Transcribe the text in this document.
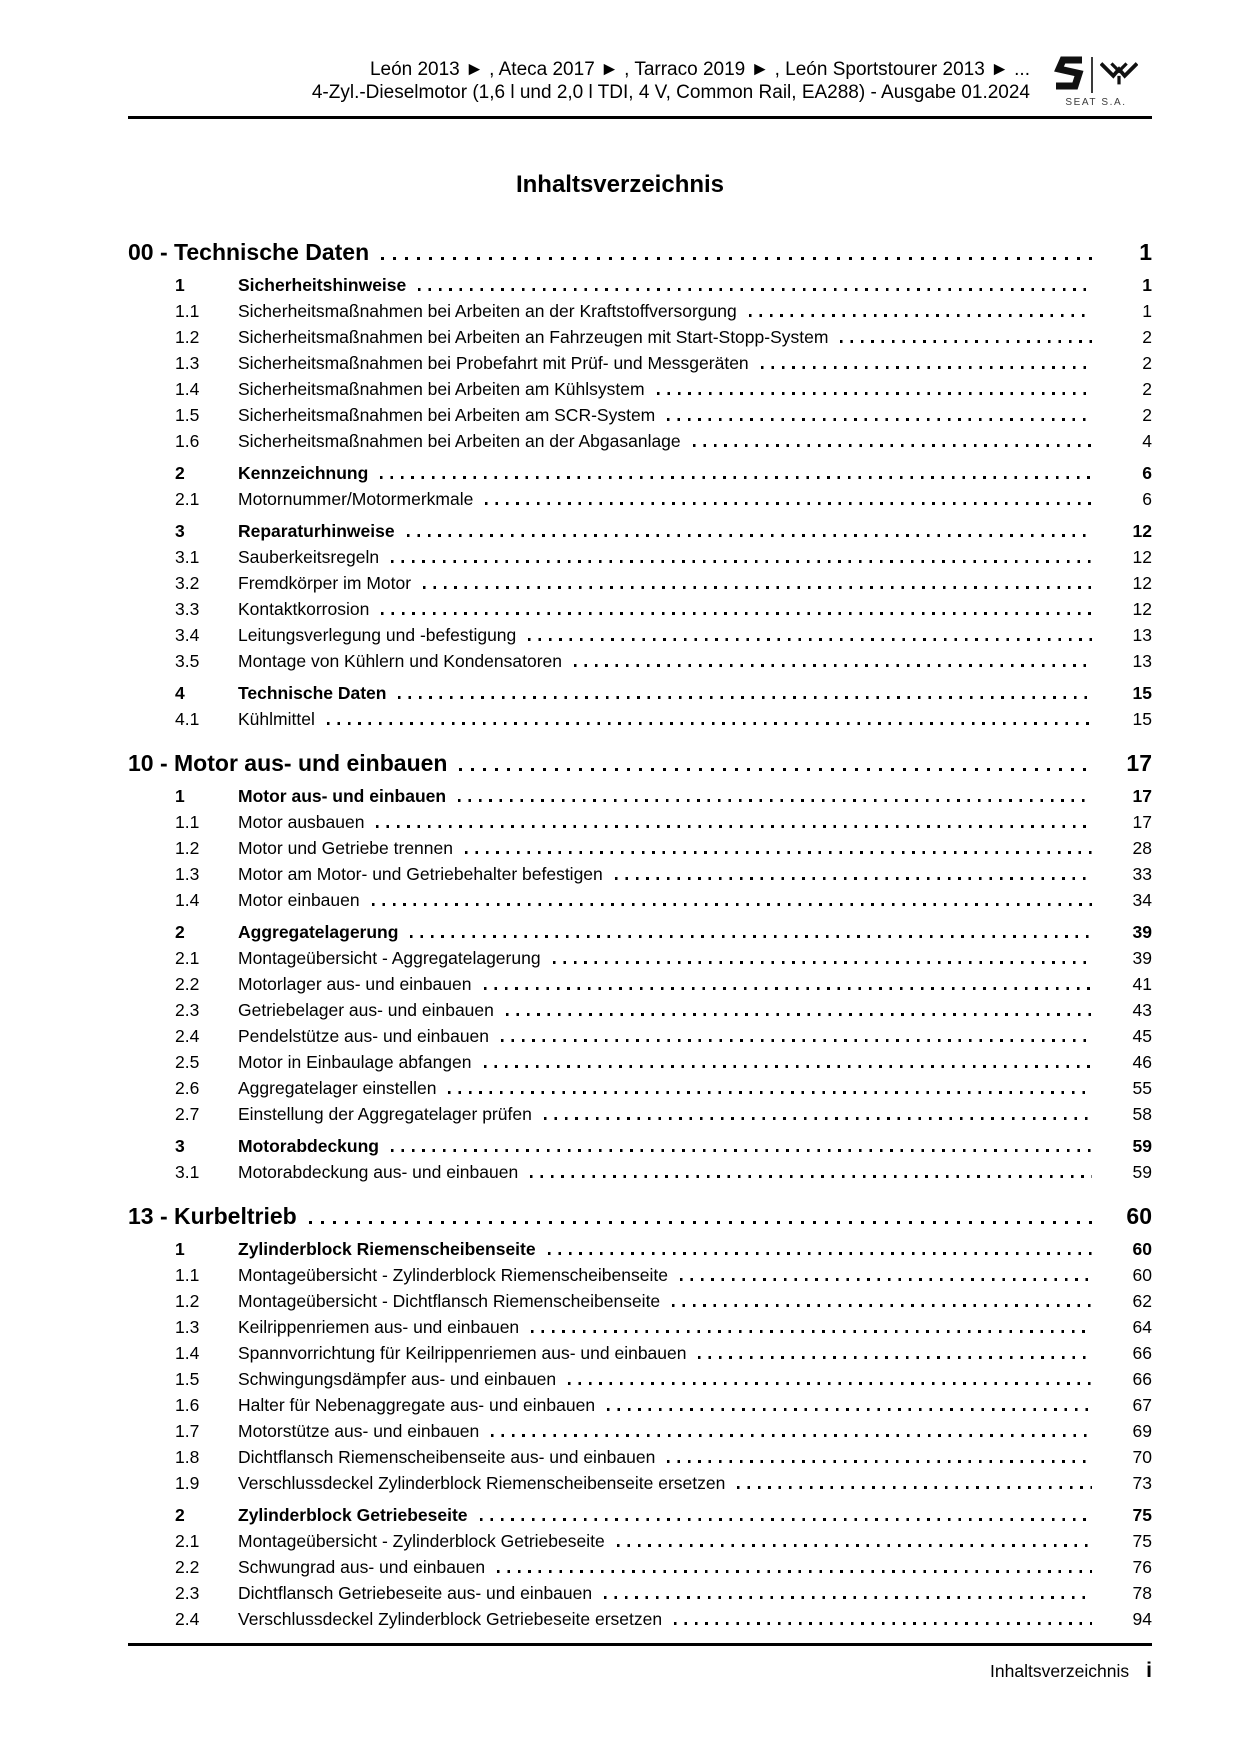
León 2013 ► , Ateca 2017 ► , Tarraco 2019 ► , León Sportstourer 2013 ► ...
4-Zyl.-Dieselmotor (1,6 l und 2,0 l TDI, 4 V, Common Rail, EA288) - Ausgabe 01.2024	SEAT S.A.
Inhaltsverzeichnis
00 - Technische Daten	1
1	Sicherheitshinweise	1
1.1	Sicherheitsmaßnahmen bei Arbeiten an der Kraftstoffversorgung	1
1.2	Sicherheitsmaßnahmen bei Arbeiten an Fahrzeugen mit Start-Stopp-System	2
1.3	Sicherheitsmaßnahmen bei Probefahrt mit Prüf- und Messgeräten	2
1.4	Sicherheitsmaßnahmen bei Arbeiten am Kühlsystem	2
1.5	Sicherheitsmaßnahmen bei Arbeiten am SCR-System	2
1.6	Sicherheitsmaßnahmen bei Arbeiten an der Abgasanlage	4
2	Kennzeichnung	6
2.1	Motornummer/Motormerkmale	6
3	Reparaturhinweise	12
3.1	Sauberkeitsregeln	12
3.2	Fremdkörper im Motor	12
3.3	Kontaktkorrosion	12
3.4	Leitungsverlegung und -befestigung	13
3.5	Montage von Kühlern und Kondensatoren	13
4	Technische Daten	15
4.1	Kühlmittel	15
10 - Motor aus- und einbauen	17
1	Motor aus- und einbauen	17
1.1	Motor ausbauen	17
1.2	Motor und Getriebe trennen	28
1.3	Motor am Motor- und Getriebehalter befestigen	33
1.4	Motor einbauen	34
2	Aggregatelagerung	39
2.1	Montageübersicht - Aggregatelagerung	39
2.2	Motorlager aus- und einbauen	41
2.3	Getriebelager aus- und einbauen	43
2.4	Pendelstütze aus- und einbauen	45
2.5	Motor in Einbaulage abfangen	46
2.6	Aggregatelager einstellen	55
2.7	Einstellung der Aggregatelager prüfen	58
3	Motorabdeckung	59
3.1	Motorabdeckung aus- und einbauen	59
13 - Kurbeltrieb	60
1	Zylinderblock Riemenscheibenseite	60
1.1	Montageübersicht - Zylinderblock Riemenscheibenseite	60
1.2	Montageübersicht - Dichtflansch Riemenscheibenseite	62
1.3	Keilrippenriemen aus- und einbauen	64
1.4	Spannvorrichtung für Keilrippenriemen aus- und einbauen	66
1.5	Schwingungsdämpfer aus- und einbauen	66
1.6	Halter für Nebenaggregate aus- und einbauen	67
1.7	Motorstütze aus- und einbauen	69
1.8	Dichtflansch Riemenscheibenseite aus- und einbauen	70
1.9	Verschlussdeckel Zylinderblock Riemenscheibenseite ersetzen	73
2	Zylinderblock Getriebeseite	75
2.1	Montageübersicht - Zylinderblock Getriebeseite	75
2.2	Schwungrad aus- und einbauen	76
2.3	Dichtflansch Getriebeseite aus- und einbauen	78
2.4	Verschlussdeckel Zylinderblock Getriebeseite ersetzen	94
Inhaltsverzeichnis i
